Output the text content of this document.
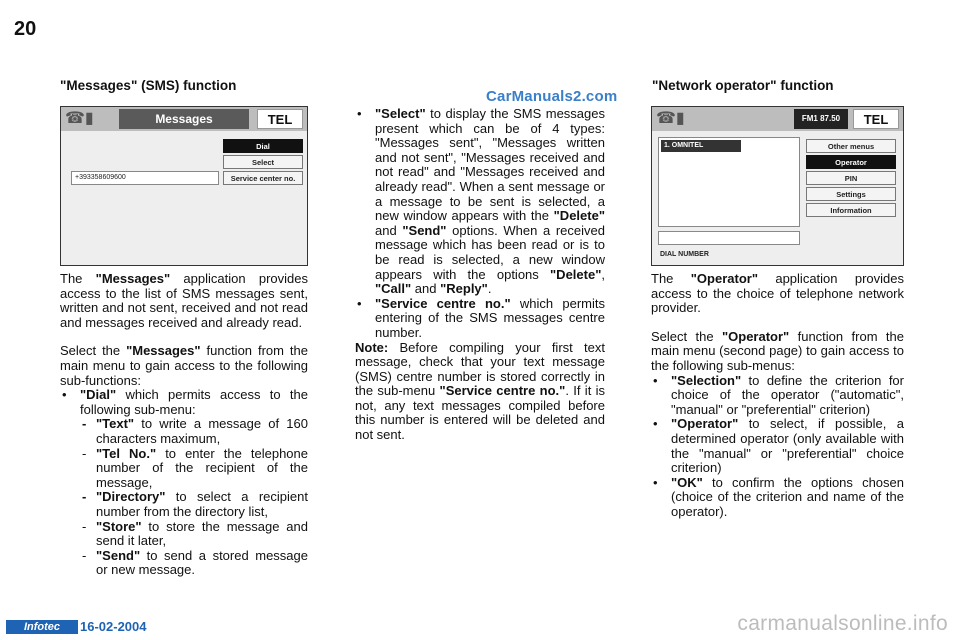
20
"Messages" (SMS) function	"Network operator" function
CarManuals2.com
☎▮	Messages	TEL
Dial
Select
Service center no.
+393358609600
☎▮	FM1 87.50	TEL
1. OMNITEL	Other menus
Operator
PIN
Settings
Information
DIAL NUMBER

The "Messages" application provides access to the list of SMS messages sent, written and not sent, received and not read and messages received and already read.

Select the "Messages" function from the main menu to gain access to the following sub-functions:

• "Dial" which permits access to the following sub-menu:

- "Text" to write a message of 160 characters maximum,

- "Tel No." to enter the telephone number of the recipient of the message,

- "Directory" to select a recipient number from the directory list,

- "Store" to store the message and send it later,

- "Send" to send a stored message or new message.

• "Select" to display the SMS messages present which can be of 4 types: "Messages sent", "Messages written and not sent", "Messages received and not read" and "Messages received and already read". When a sent message or a message to be sent is selected, a new window appears with the "Delete" and "Send" options. When a received message which has been read or is to be read is selected, a new window appears with the options "Delete", "Call" and "Reply".

• "Service centre no." which permits entering of the SMS messages centre number.

Note: Before compiling your first text message, check that your text message (SMS) centre number is stored correctly in the sub-menu "Service centre no.". If it is not, any text messages compiled before this number is entered will be deleted and not sent.

The "Operator" application provides access to the choice of telephone network provider.

Select the "Operator" function from the main menu (second page) to gain access to the following sub-menus:

• "Selection" to define the criterion for choice of the operator ("automatic", "manual" or "preferential" criterion)

• "Operator" to select, if possible, a determined operator (only available with the "manual" or "preferential" choice criterion)

• "OK" to confirm the options chosen (choice of the criterion and name of the operator).

Infotec	16-02-2004	carmanualsonline.info
